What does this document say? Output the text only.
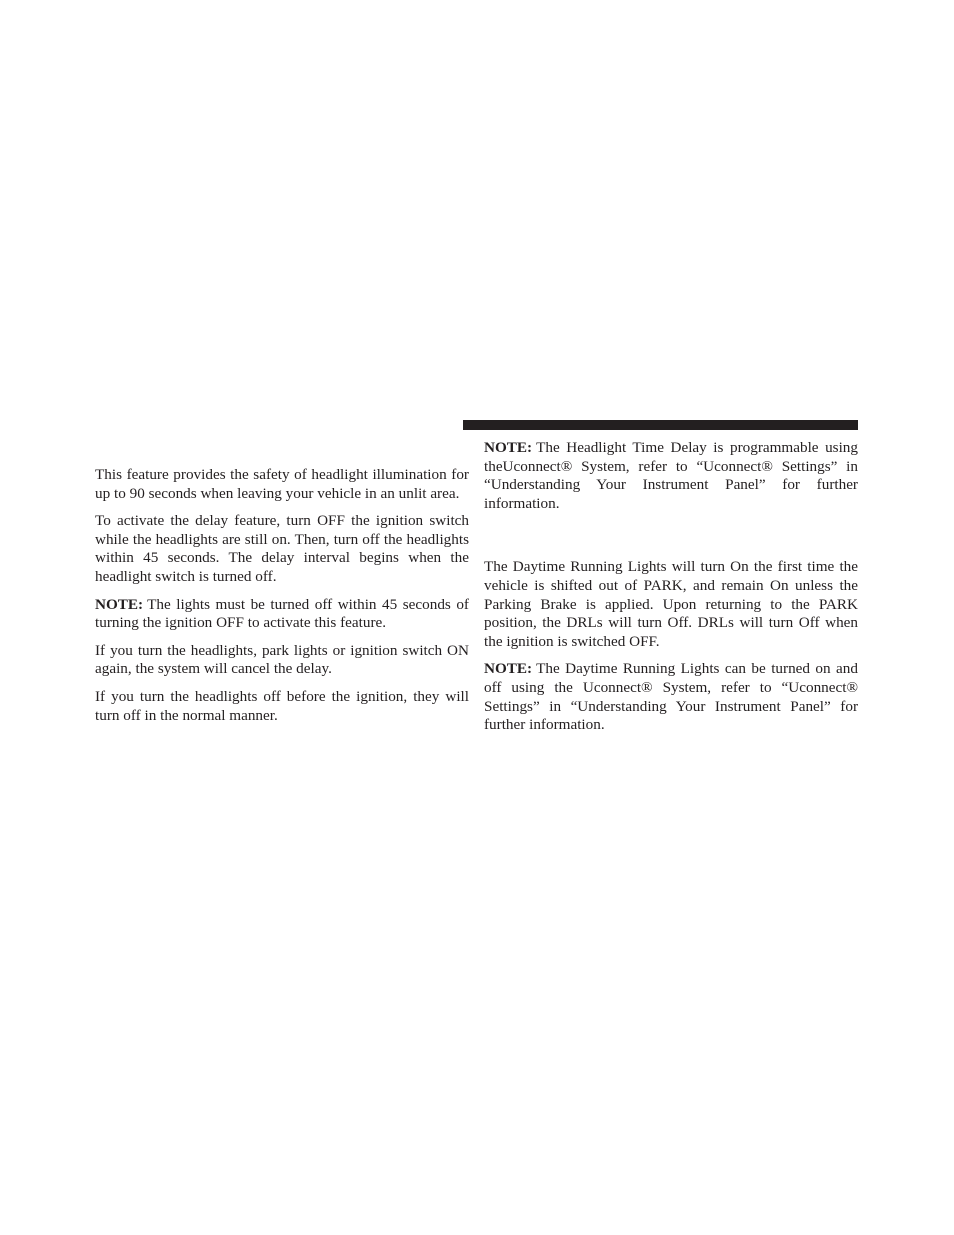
This feature provides the safety of headlight illumination for up to 90 seconds when leaving your vehicle in an unlit area.

To activate the delay feature, turn OFF the ignition switch while the headlights are still on. Then, turn off the headlights within 45 seconds. The delay interval begins when the headlight switch is turned off.

NOTE: The lights must be turned off within 45 seconds of turning the ignition OFF to activate this feature.

If you turn the headlights, park lights or ignition switch ON again, the system will cancel the delay.

If you turn the headlights off before the ignition, they will turn off in the normal manner.

NOTE: The Headlight Time Delay is programmable using theUconnect® System, refer to “Uconnect® Settings” in “Understanding Your Instrument Panel” for further information.

The Daytime Running Lights will turn On the first time the vehicle is shifted out of PARK, and remain On unless the Parking Brake is applied. Upon returning to the PARK position, the DRLs will turn Off. DRLs will turn Off when the ignition is switched OFF.

NOTE: The Daytime Running Lights can be turned on and off using the Uconnect® System, refer to “Uconnect® Settings” in “Understanding Your Instrument Panel” for further information.
